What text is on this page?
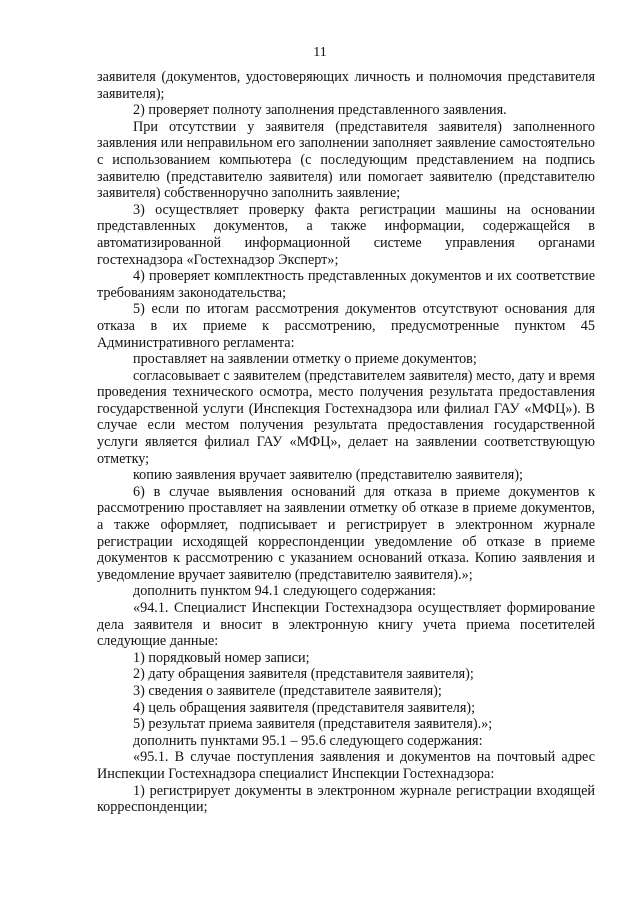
11

заявителя (документов, удостоверяющих личность и полномочия представителя заявителя);

2) проверяет полноту заполнения представленного заявления.

При отсутствии у заявителя (представителя заявителя) заполненного заявления или неправильном его заполнении заполняет заявление самостоятельно с использованием компьютера (с последующим представлением на подпись заявителю (представителю заявителя) или помогает заявителю (представителю заявителя) собственноручно заполнить заявление;

3) осуществляет проверку факта регистрации машины на основании представленных документов, а также информации, содержащейся в автоматизированной информационной системе управления органами гостехнадзора «Гостехнадзор Эксперт»;

4) проверяет комплектность представленных документов и их соответствие требованиям законодательства;

5) если по итогам рассмотрения документов отсутствуют основания для отказа в их приеме к рассмотрению, предусмотренные пунктом 45 Административного регламента:

проставляет на заявлении отметку о приеме документов;

согласовывает с заявителем (представителем заявителя) место, дату и время проведения технического осмотра, место получения результата предоставления государственной услуги (Инспекция Гостехнадзора или филиал ГАУ «МФЦ»). В случае если местом получения результата предоставления государственной услуги является филиал ГАУ «МФЦ», делает на заявлении соответствующую отметку;

копию заявления вручает заявителю (представителю заявителя);

6) в случае выявления оснований для отказа в приеме документов к рассмотрению проставляет на заявлении отметку об отказе в приеме документов, а также оформляет, подписывает и регистрирует в электронном журнале регистрации исходящей корреспонденции уведомление об отказе в приеме документов к рассмотрению с указанием оснований отказа. Копию заявления и уведомление вручает заявителю (представителю заявителя).»;

дополнить пунктом 94.1 следующего содержания:

«94.1. Специалист Инспекции Гостехнадзора осуществляет формирование дела заявителя и вносит в электронную книгу учета приема посетителей следующие данные:

1) порядковый номер записи;

2) дату обращения заявителя (представителя заявителя);

3) сведения о заявителе (представителе заявителя);

4) цель обращения заявителя (представителя заявителя);

5) результат приема заявителя (представителя заявителя).»;

дополнить пунктами 95.1 – 95.6 следующего содержания:

«95.1. В случае поступления заявления и документов на почтовый адрес Инспекции Гостехнадзора специалист Инспекции Гостехнадзора:

1) регистрирует документы в электронном журнале регистрации входящей корреспонденции;
